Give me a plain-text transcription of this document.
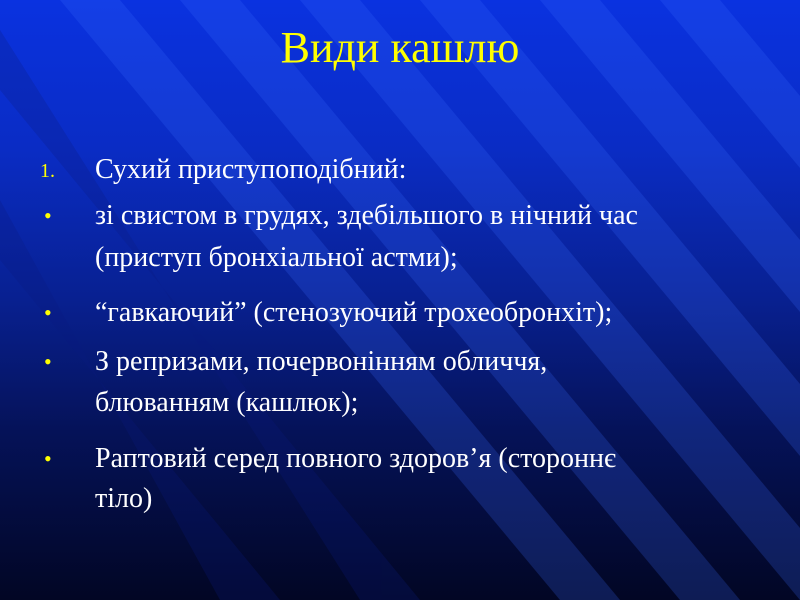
Види кашлю
1. Сухий приступоподібний:
• зі свистом в грудях, здебільшого в нічний час
(приступ бронхіальної астми);
• “гавкаючий” (стенозуючий трохеобронхіт);
• З репризами, почервонінням обличчя,
блюванням (кашлюк);
• Раптовий серед повного здоров’я (стороннє
тіло)
